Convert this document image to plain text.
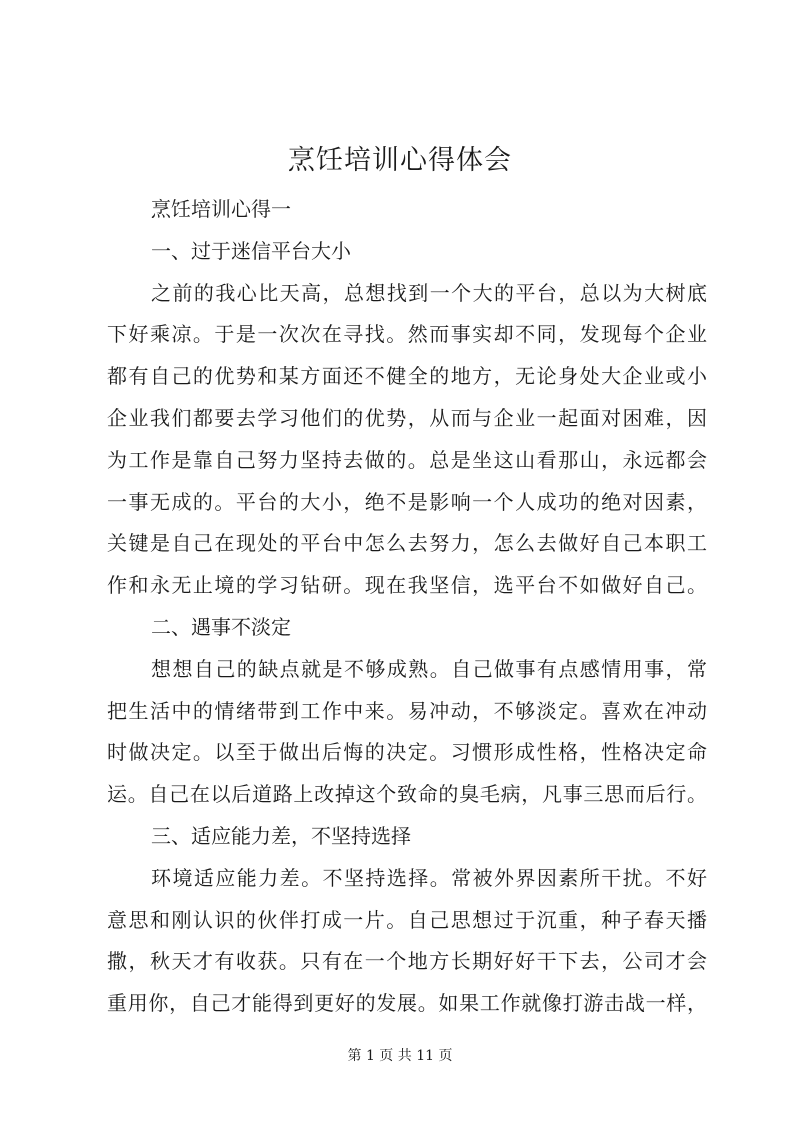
烹饪培训心得体会
烹饪培训心得一
一、过于迷信平台大小
之前的我心比天高，总想找到一个大的平台，总以为大树底
下好乘凉。于是一次次在寻找。然而事实却不同，发现每个企业
都有自己的优势和某方面还不健全的地方，无论身处大企业或小
企业我们都要去学习他们的优势，从而与企业一起面对困难，因
为工作是靠自己努力坚持去做的。总是坐这山看那山，永远都会
一事无成的。平台的大小，绝不是影响一个人成功的绝对因素，
关键是自己在现处的平台中怎么去努力，怎么去做好自己本职工
作和永无止境的学习钻研。现在我坚信，选平台不如做好自己。
二、遇事不淡定
想想自己的缺点就是不够成熟。自己做事有点感情用事，常
把生活中的情绪带到工作中来。易冲动，不够淡定。喜欢在冲动
时做决定。以至于做出后悔的决定。习惯形成性格，性格决定命
运。自己在以后道路上改掉这个致命的臭毛病，凡事三思而后行。
三、适应能力差，不坚持选择
环境适应能力差。不坚持选择。常被外界因素所干扰。不好
意思和刚认识的伙伴打成一片。自己思想过于沉重，种子春天播
撒，秋天才有收获。只有在一个地方长期好好干下去，公司才会
重用你，自己才能得到更好的发展。如果工作就像打游击战一样，
第 1 页 共 11 页
